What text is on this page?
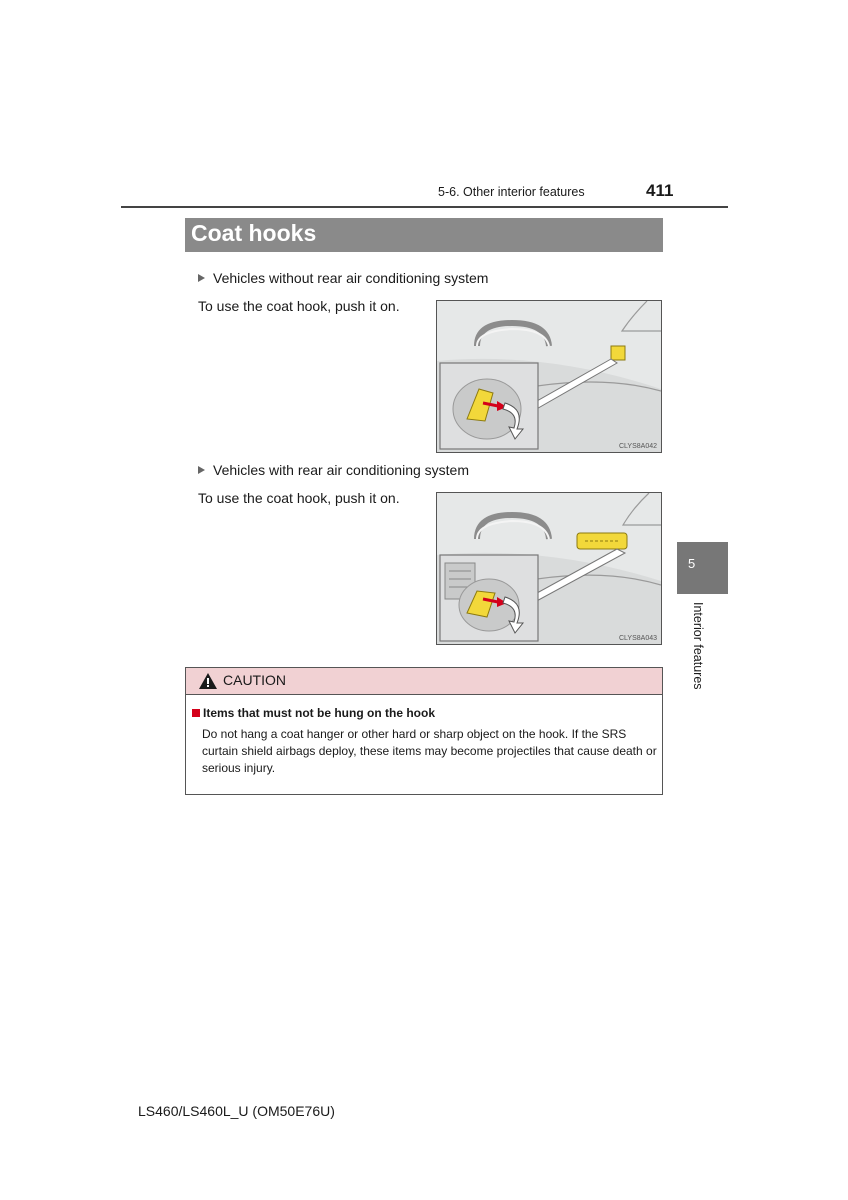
5-6. Other interior features	411
Coat hooks
5
Interior features
Vehicles without rear air conditioning system
To use the coat hook, push it on.
CLYS8A042
Vehicles with rear air conditioning system
To use the coat hook, push it on.
CLYS8A043
CAUTION
Items that must not be hung on the hook
Do not hang a coat hanger or other hard or sharp object on the hook. If the SRS curtain shield airbags deploy, these items may become projectiles that cause death or serious injury.
LS460/LS460L_U (OM50E76U)
